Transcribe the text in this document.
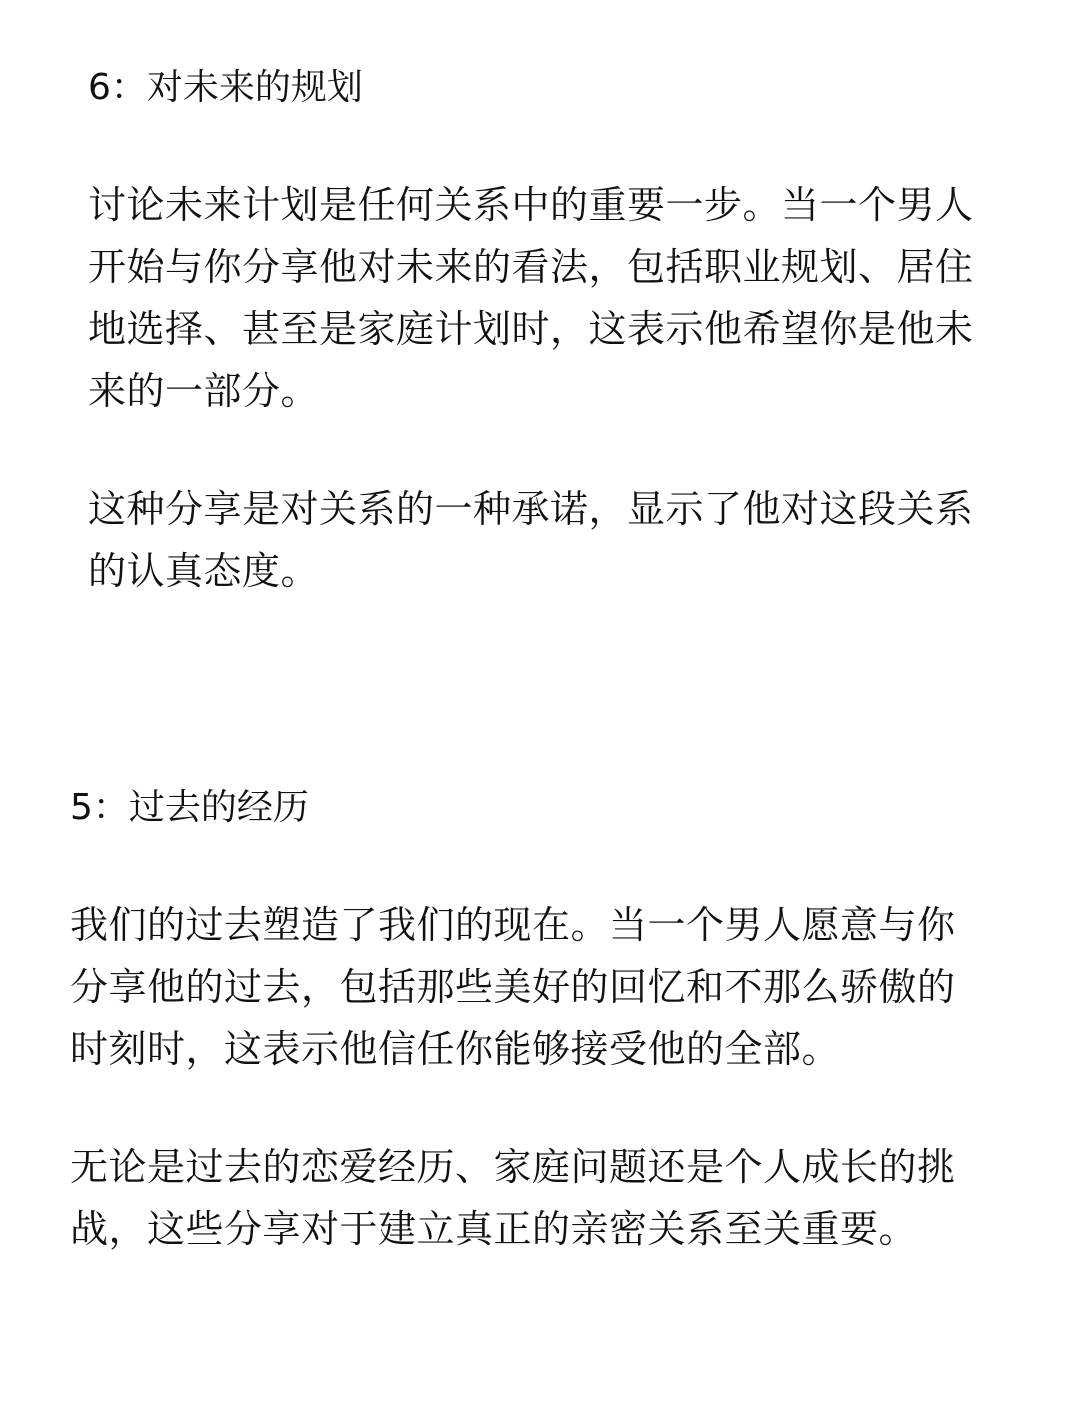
6：对未来的规划

讨论未来计划是任何关系中的重要一步。当一个男人
开始与你分享他对未来的看法，包括职业规划、居住
地选择、甚至是家庭计划时，这表示他希望你是他未
来的一部分。

这种分享是对关系的一种承诺，显示了他对这段关系
的认真态度。

5：过去的经历

我们的过去塑造了我们的现在。当一个男人愿意与你
分享他的过去，包括那些美好的回忆和不那么骄傲的
时刻时，这表示他信任你能够接受他的全部。

无论是过去的恋爱经历、家庭问题还是个人成长的挑
战，这些分享对于建立真正的亲密关系至关重要。
